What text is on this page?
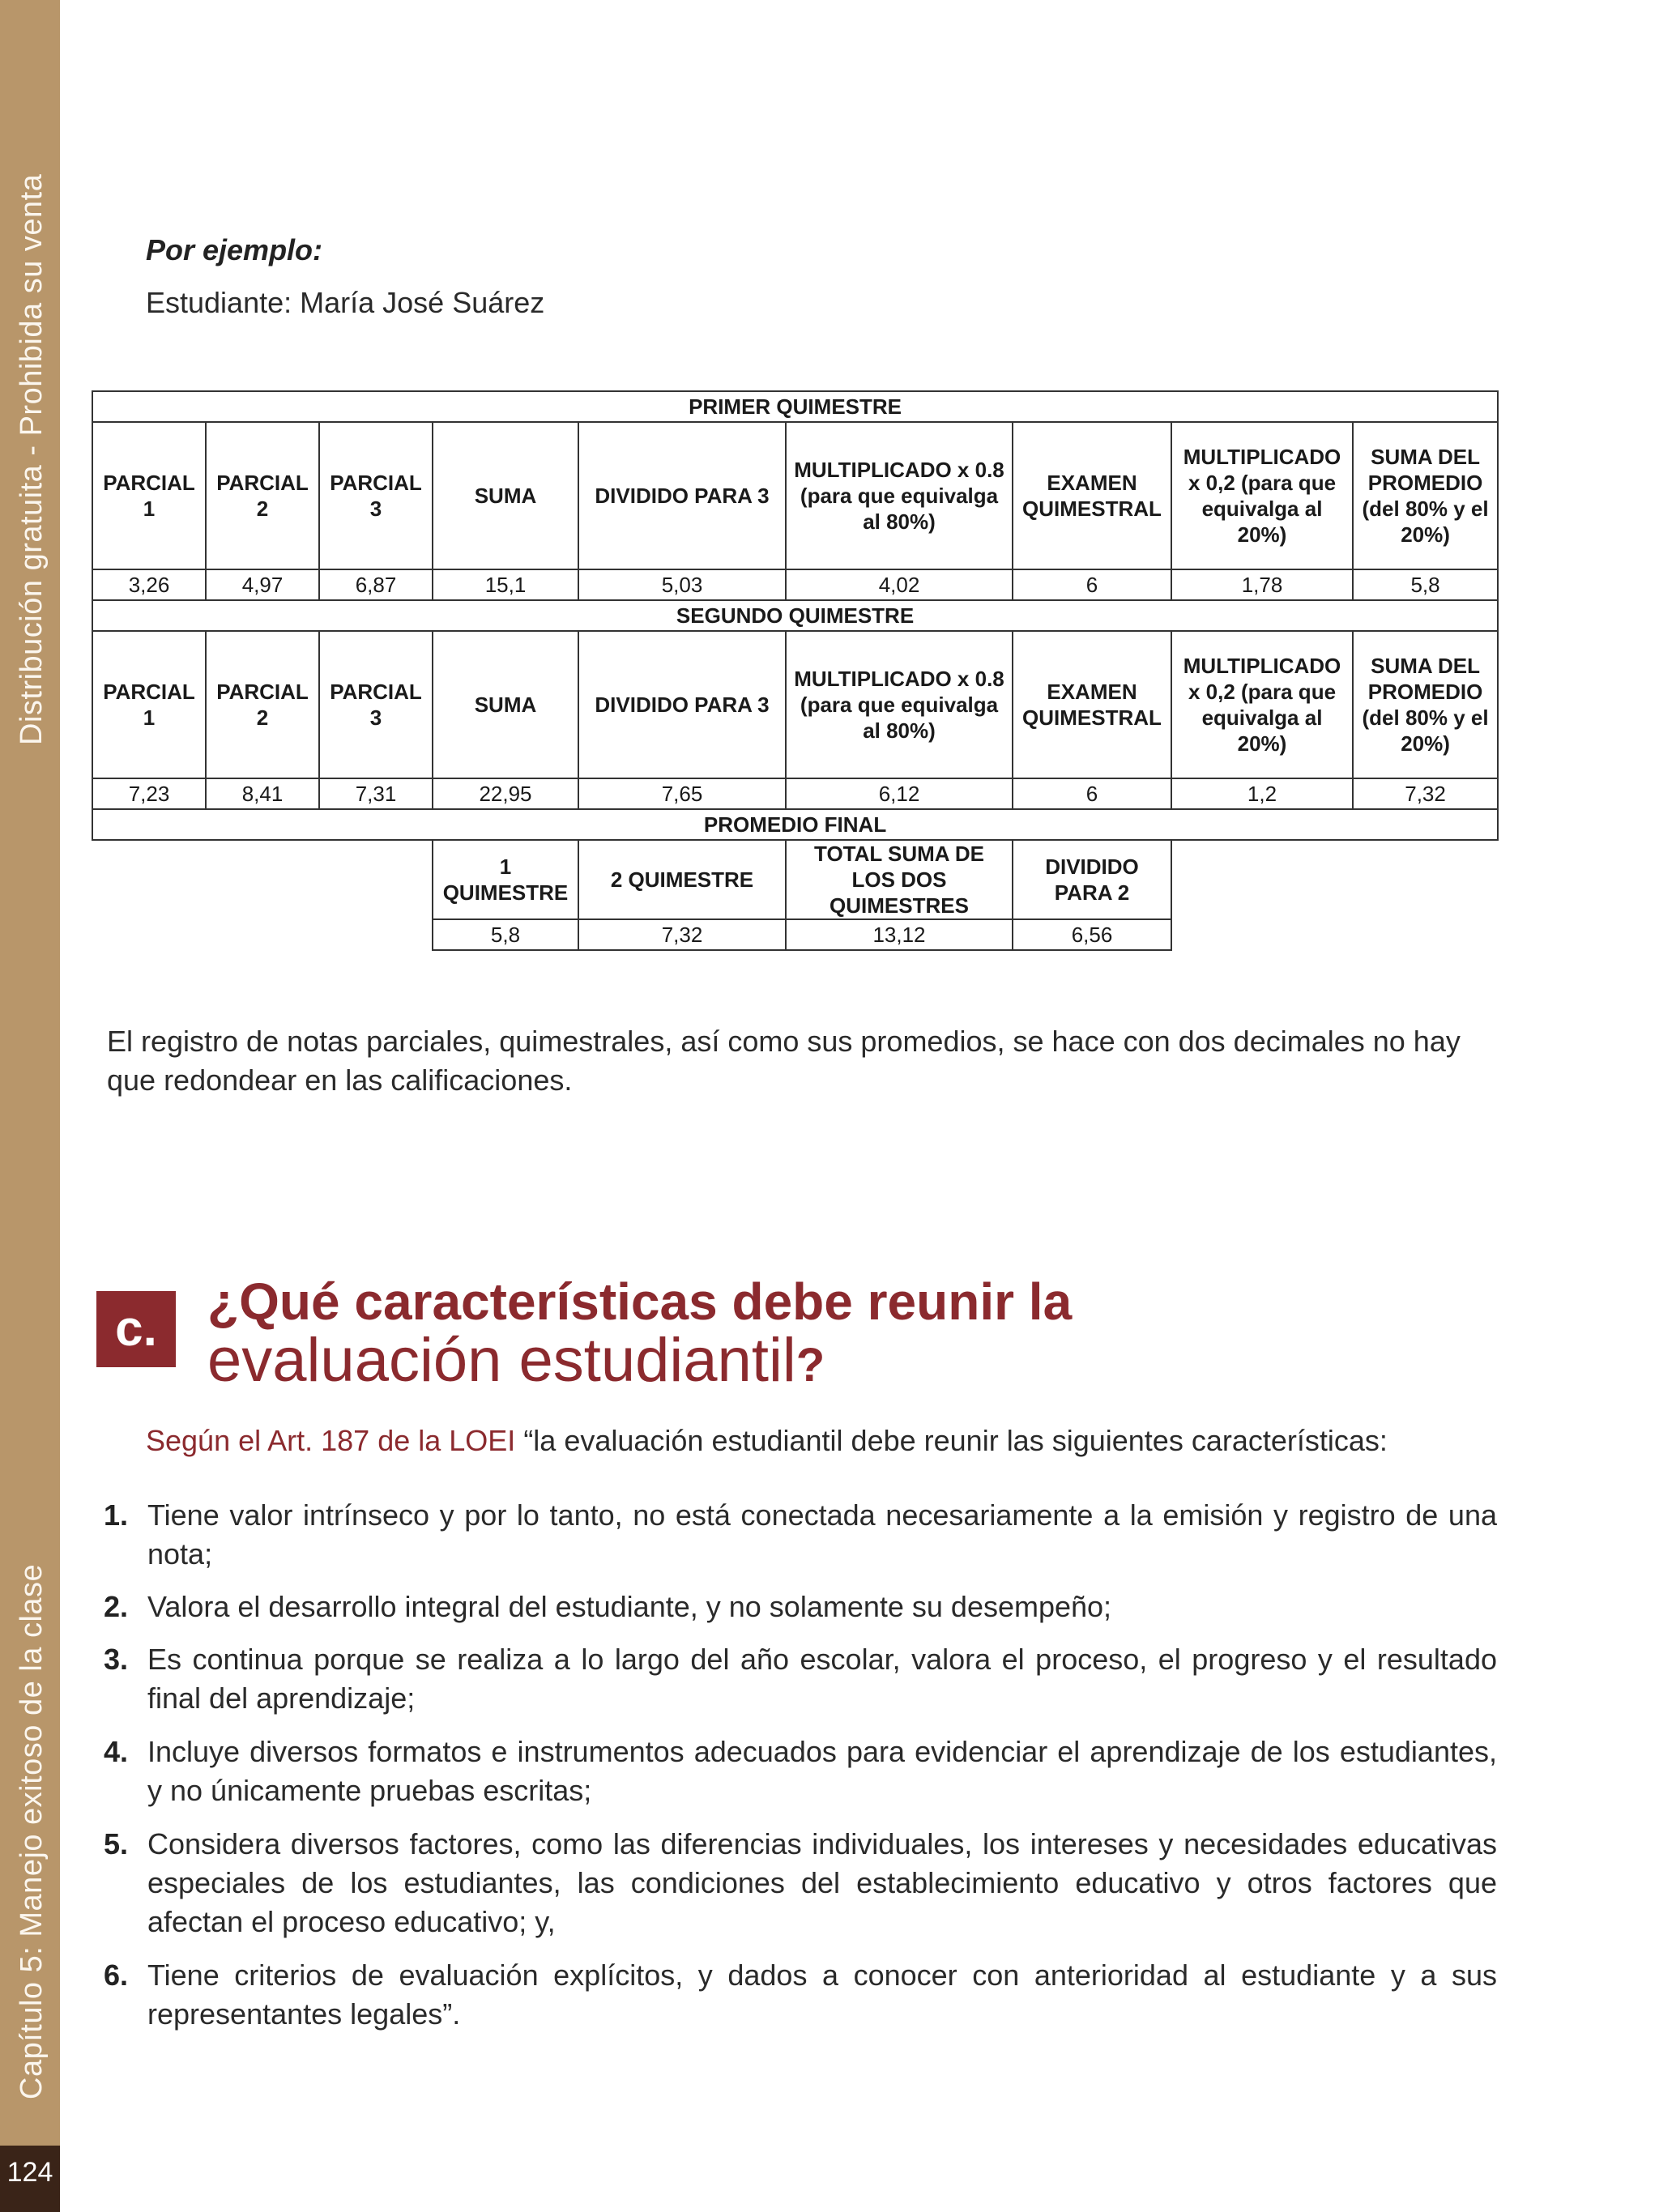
Distribución gratuita - Prohibida su venta
Capítulo 5: Manejo exitoso de la clase
124
Por ejemplo:
Estudiante: María José Suárez
PRIMER QUIMESTRE								
PARCIAL 1	PARCIAL 2	PARCIAL 3	SUMA	DIVIDIDO PARA 3	MULTIPLICADO x 0.8 (para que equivalga al 80%)	EXAMEN QUIMESTRAL	MULTIPLICADO x 0,2 (para que equivalga al 20%)	SUMA DEL PROMEDIO (del 80% y el 20%)
3,26	4,97	6,87	15,1	5,03	4,02	6	1,78	5,8
SEGUNDO QUIMESTRE								
PARCIAL 1	PARCIAL 2	PARCIAL 3	SUMA	DIVIDIDO PARA 3	MULTIPLICADO x 0.8 (para que equivalga al 80%)	EXAMEN QUIMESTRAL	MULTIPLICADO x 0,2 (para que equivalga al 20%)	SUMA DEL PROMEDIO (del 80% y el 20%)
7,23	8,41	7,31	22,95	7,65	6,12	6	1,2	7,32
PROMEDIO FINAL								
			1 QUIMESTRE	2 QUIMESTRE	TOTAL SUMA DE LOS DOS QUIMESTRES	DIVIDIDO PARA 2		
			5,8	7,32	13,12	6,56		
El registro de notas parciales, quimestrales, así como sus promedios, se hace con dos decimales no hay que redondear en las calificaciones.
c. ¿Qué características debe reunir la
evaluación estudiantil?
Según el Art. 187 de la LOEI “la evaluación estudiantil debe reunir las siguientes características:
1. Tiene valor intrínseco y por lo tanto, no está conectada necesariamente a la emisión y registro de una nota;
2. Valora el desarrollo integral del estudiante, y no solamente su desempeño;
3. Es continua porque se realiza a lo largo del año escolar, valora el proceso, el progreso y el resultado final del aprendizaje;
4. Incluye diversos formatos e instrumentos adecuados para evidenciar el aprendizaje de los estudiantes, y no únicamente pruebas escritas;
5. Considera diversos factores, como las diferencias individuales, los intereses y necesidades educativas especiales de los estudiantes, las condiciones del establecimiento educativo y otros factores que afectan el proceso educativo; y,
6. Tiene criterios de evaluación explícitos, y dados a conocer con anterioridad al estudiante y a sus representantes legales”.
